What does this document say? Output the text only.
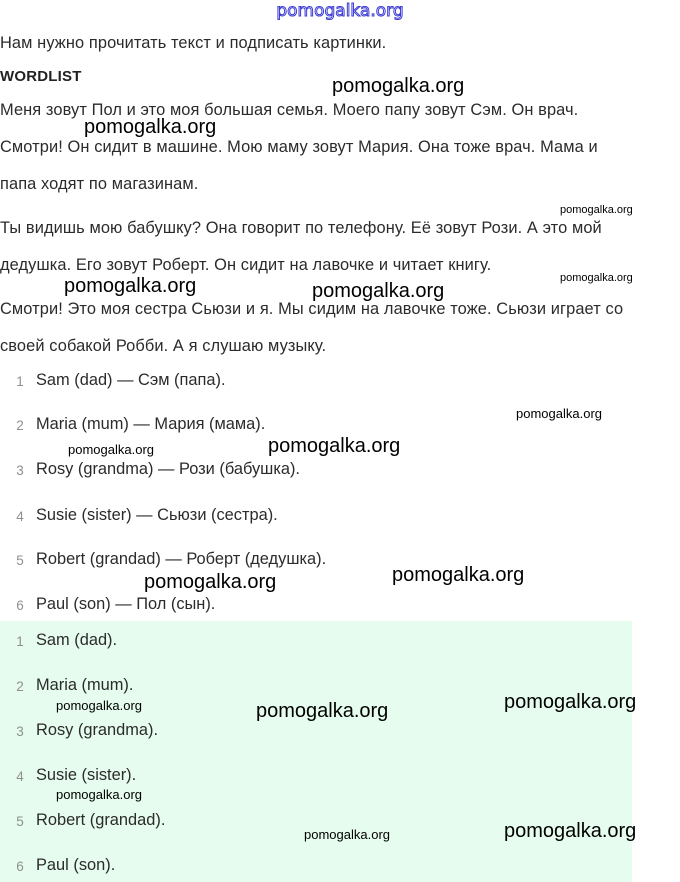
pomogalka.org
Нам нужно прочитать текст и подписать картинки.
WORDLIST
Меня зовут Пол и это моя большая семья. Моего папу зовут Сэм. Он врач.
Смотри! Он сидит в машине. Мою маму зовут Мария. Она тоже врач. Мама и
папа ходят по магазинам.
Ты видишь мою бабушку? Она говорит по телефону. Её зовут Рози. А это мой
дедушка. Его зовут Роберт. Он сидит на лавочке и читает книгу.
Смотри! Это моя сестра Сьюзи и я. Мы сидим на лавочке тоже. Сьюзи играет со
своей собакой Робби. А я слушаю музыку.
1 Sam (dad) — Сэм (папа).
2 Maria (mum) — Мария (мама).
3 Rosy (grandma) — Рози (бабушка).
4 Susie (sister) — Сьюзи (сестра).
5 Robert (grandad) — Роберт (дедушка).
6 Paul (son) — Пол (сын).
1 Sam (dad).
2 Maria (mum).
3 Rosy (grandma).
4 Susie (sister).
5 Robert (grandad).
6 Paul (son).
pomogalka.org
pomogalka.org
pomogalka.org
pomogalka.org
pomogalka.org	pomogalka.org
pomogalka.org
pomogalka.org	pomogalka.org
pomogalka.org	pomogalka.org
pomogalka.org
pomogalka.org	pomogalka.org
pomogalka.org
pomogalka.org
pomogalka.org
